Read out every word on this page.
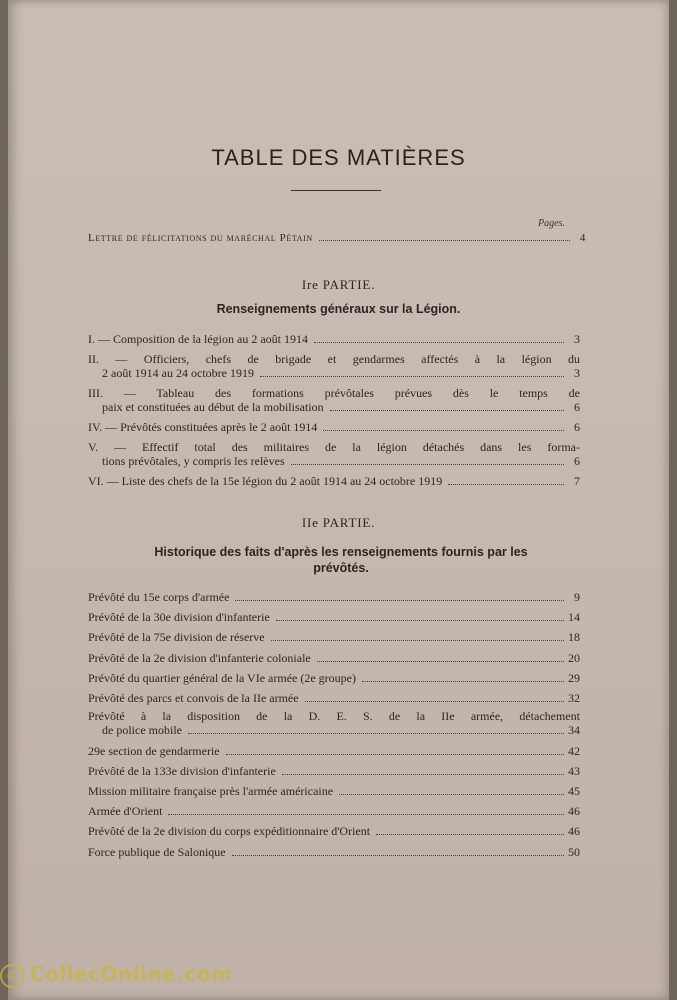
TABLE DES MATIÈRES
Pages.
Lettre de félicitations du maréchal Pétain	4
Ire PARTIE.
Renseignements généraux sur la Légion.
I. — Composition de la légion au 2 août 1914	3
II. — Officiers, chefs de brigade et gendarmes affectés à la légion du
2 août 1914 au 24 octobre 1919	3
III. — Tableau des formations prévôtales prévues dès le temps de
paix et constituées au début de la mobilisation	6
IV. — Prévôtés constituées après le 2 août 1914	6
V. — Effectif total des militaires de la légion détachés dans les forma-
tions prévôtales, y compris les relèves	6
VI. — Liste des chefs de la 15e légion du 2 août 1914 au 24 octobre 1919	7
IIe PARTIE.
Historique des faits d'après les renseignements fournis par les prévôtés.
Prévôté du 15e corps d'armée	9
Prévôté de la 30e division d'infanterie	14
Prévôté de la 75e division de réserve	18
Prévôté de la 2e division d'infanterie coloniale	20
Prévôté du quartier général de la VIe armée (2e groupe)	29
Prévôté des parcs et convois de la IIe armée	32
Prévôté à la disposition de la D. E. S. de la IIe armée, détachement
de police mobile	34
29e section de gendarmerie	42
Prévôté de la 133e division d'infanterie	43
Mission militaire française près l'armée américaine	45
Armée d'Orient	46
Prévôté de la 2e division du corps expéditionnaire d'Orient	46
Force publique de Salonique	50
© CollecOnline.com
